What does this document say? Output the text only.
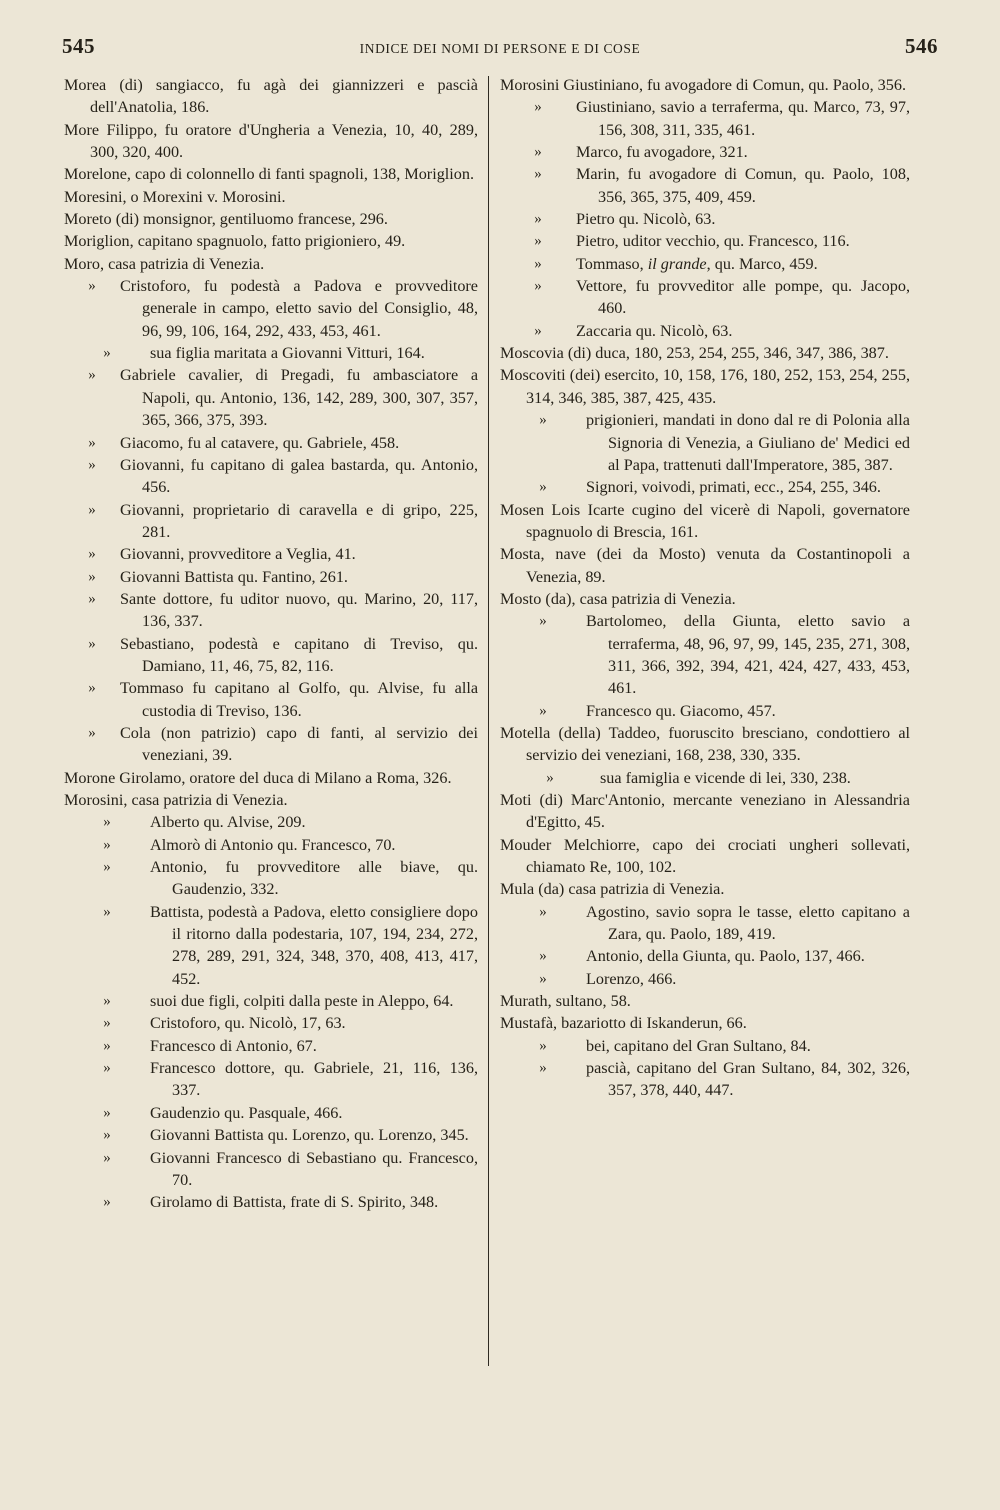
545	INDICE DEI NOMI DI PERSONE E DI COSE	546

Morea (di) sangiacco, fu agà dei giannizzeri e pascià dell'Anatolia, 186.

More Filippo, fu oratore d'Ungheria a Venezia, 10, 40, 289, 300, 320, 400.

Morelone, capo di colonnello di fanti spagnoli, 138, Moriglion.

Moresini, o Morexini v. Morosini.

Moreto (di) monsignor, gentiluomo francese, 296.

Moriglion, capitano spagnuolo, fatto prigioniero, 49.

Moro, casa patrizia di Venezia.

»	Cristoforo, fu podestà a Padova e provveditore generale in campo, eletto savio del Consiglio, 48, 96, 99, 106, 164, 292, 433, 453, 461.
»	sua figlia maritata a Giovanni Vitturi, 164.
»	Gabriele cavalier, di Pregadi, fu ambasciatore a Napoli, qu. Antonio, 136, 142, 289, 300, 307, 357, 365, 366, 375, 393.
»	Giacomo, fu al catavere, qu. Gabriele, 458.
»	Giovanni, fu capitano di galea bastarda, qu. Antonio, 456.
»	Giovanni, proprietario di caravella e di gripo, 225, 281.
»	Giovanni, provveditore a Veglia, 41.
»	Giovanni Battista qu. Fantino, 261.
»	Sante dottore, fu uditor nuovo, qu. Marino, 20, 117, 136, 337.
»	Sebastiano, podestà e capitano di Treviso, qu. Damiano, 11, 46, 75, 82, 116.
»	Tommaso fu capitano al Golfo, qu. Alvise, fu alla custodia di Treviso, 136.
»	Cola (non patrizio) capo di fanti, al servizio dei veneziani, 39.

Morone Girolamo, oratore del duca di Milano a Roma, 326.

Morosini, casa patrizia di Venezia.

»	Alberto qu. Alvise, 209.
»	Almorò di Antonio qu. Francesco, 70.
»	Antonio, fu provveditore alle biave, qu. Gaudenzio, 332.
»	Battista, podestà a Padova, eletto consigliere dopo il ritorno dalla podestaria, 107, 194, 234, 272, 278, 289, 291, 324, 348, 370, 408, 413, 417, 452.
»	suoi due figli, colpiti dalla peste in Aleppo, 64.
»	Cristoforo, qu. Nicolò, 17, 63.
»	Francesco di Antonio, 67.
»	Francesco dottore, qu. Gabriele, 21, 116, 136, 337.
»	Gaudenzio qu. Pasquale, 466.
»	Giovanni Battista qu. Lorenzo, qu. Lorenzo, 345.
»	Giovanni Francesco di Sebastiano qu. Francesco, 70.
»	Girolamo di Battista, frate di S. Spirito, 348.

Morosini Giustiniano, fu avogadore di Comun, qu. Paolo, 356.

»	Giustiniano, savio a terraferma, qu. Marco, 73, 97, 156, 308, 311, 335, 461.
»	Marco, fu avogadore, 321.
»	Marin, fu avogadore di Comun, qu. Paolo, 108, 356, 365, 375, 409, 459.
»	Pietro qu. Nicolò, 63.
»	Pietro, uditor vecchio, qu. Francesco, 116.
»	Tommaso, il grande, qu. Marco, 459.
»	Vettore, fu provveditor alle pompe, qu. Jacopo, 460.
»	Zaccaria qu. Nicolò, 63.

Moscovia (di) duca, 180, 253, 254, 255, 346, 347, 386, 387.

Moscoviti (dei) esercito, 10, 158, 176, 180, 252, 153, 254, 255, 314, 346, 385, 387, 425, 435.

»	prigionieri, mandati in dono dal re di Polonia alla Signoria di Venezia, a Giuliano de' Medici ed al Papa, trattenuti dall'Imperatore, 385, 387.
»	Signori, voivodi, primati, ecc., 254, 255, 346.

Mosen Lois Icarte cugino del vicerè di Napoli, governatore spagnuolo di Brescia, 161.

Mosta, nave (dei da Mosto) venuta da Costantinopoli a Venezia, 89.

Mosto (da), casa patrizia di Venezia.

»	Bartolomeo, della Giunta, eletto savio a terraferma, 48, 96, 97, 99, 145, 235, 271, 308, 311, 366, 392, 394, 421, 424, 427, 433, 453, 461.
»	Francesco qu. Giacomo, 457.

Motella (della) Taddeo, fuoruscito bresciano, condottiero al servizio dei veneziani, 168, 238, 330, 335.

»	sua famiglia e vicende di lei, 330, 238.

Moti (di) Marc'Antonio, mercante veneziano in Alessandria d'Egitto, 45.

Mouder Melchiorre, capo dei crociati ungheri sollevati, chiamato Re, 100, 102.

Mula (da) casa patrizia di Venezia.

»	Agostino, savio sopra le tasse, eletto capitano a Zara, qu. Paolo, 189, 419.
»	Antonio, della Giunta, qu. Paolo, 137, 466.
»	Lorenzo, 466.

Murath, sultano, 58.

Mustafà, bazariotto di Iskanderun, 66.

»	bei, capitano del Gran Sultano, 84.
»	pascià, capitano del Gran Sultano, 84, 302, 326, 357, 378, 440, 447.
